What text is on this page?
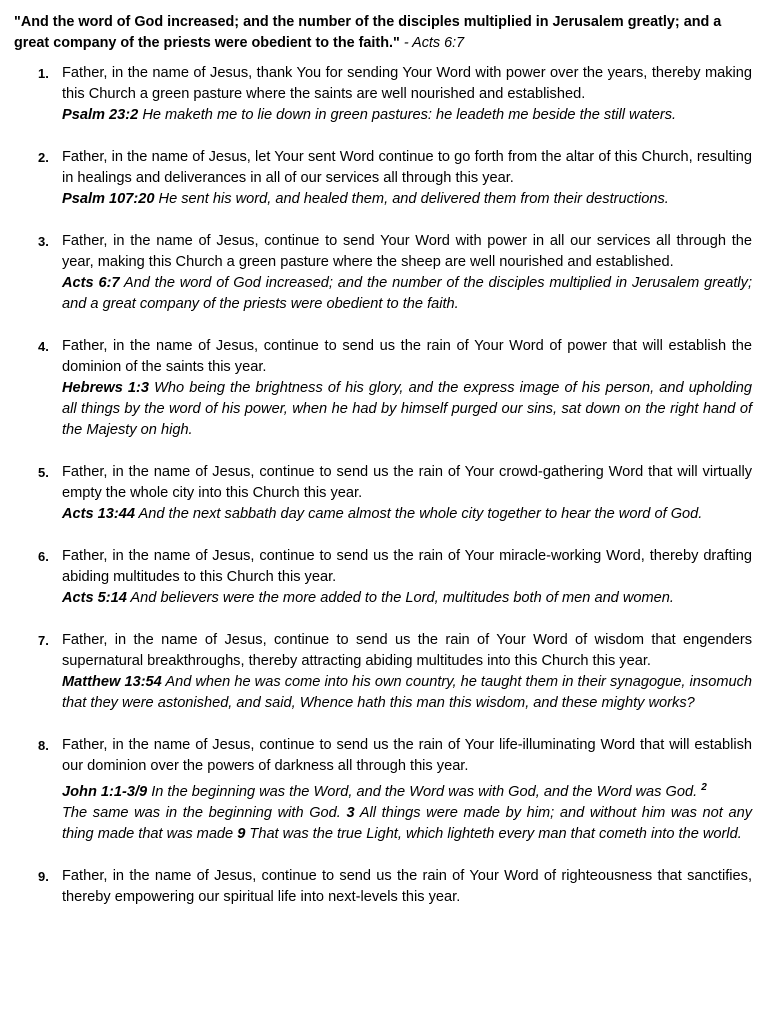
"And the word of God increased; and the number of the disciples multiplied in Jerusalem greatly; and a great company of the priests were obedient to the faith." - Acts 6:7

1. Father, in the name of Jesus, thank You for sending Your Word with power over the years, thereby making this Church a green pasture where the saints are well nourished and established.
Psalm 23:2 He maketh me to lie down in green pastures: he leadeth me beside the still waters.
2. Father, in the name of Jesus, let Your sent Word continue to go forth from the altar of this Church, resulting in healings and deliverances in all of our services all through this year.
Psalm 107:20 He sent his word, and healed them, and delivered them from their destructions.
3. Father, in the name of Jesus, continue to send Your Word with power in all our services all through the year, making this Church a green pasture where the sheep are well nourished and established.
Acts 6:7 And the word of God increased; and the number of the disciples multiplied in Jerusalem greatly; and a great company of the priests were obedient to the faith.
4. Father, in the name of Jesus, continue to send us the rain of Your Word of power that will establish the dominion of the saints this year.
Hebrews 1:3 Who being the brightness of his glory, and the express image of his person, and upholding all things by the word of his power, when he had by himself purged our sins, sat down on the right hand of the Majesty on high.
5. Father, in the name of Jesus, continue to send us the rain of Your crowd-gathering Word that will virtually empty the whole city into this Church this year.
Acts 13:44 And the next sabbath day came almost the whole city together to hear the word of God.
6. Father, in the name of Jesus, continue to send us the rain of Your miracle-working Word, thereby drafting abiding multitudes to this Church this year.
Acts 5:14 And believers were the more added to the Lord, multitudes both of men and women.
7. Father, in the name of Jesus, continue to send us the rain of Your Word of wisdom that engenders supernatural breakthroughs, thereby attracting abiding multitudes into this Church this year.
Matthew 13:54 And when he was come into his own country, he taught them in their synagogue, insomuch that they were astonished, and said, Whence hath this man this wisdom, and these mighty works?
8. Father, in the name of Jesus, continue to send us the rain of Your life-illuminating Word that will establish our dominion over the powers of darkness all through this year.
John 1:1-3/9 In the beginning was the Word, and the Word was with God, and the Word was God. $^2$
The same was in the beginning with God. 3 All things were made by him; and without him was not any thing made that was made 9 That was the true Light, which lighteth every man that cometh into the world.
9. Father, in the name of Jesus, continue to send us the rain of Your Word of righteousness that sanctifies, thereby empowering our spiritual life into next-levels this year.
